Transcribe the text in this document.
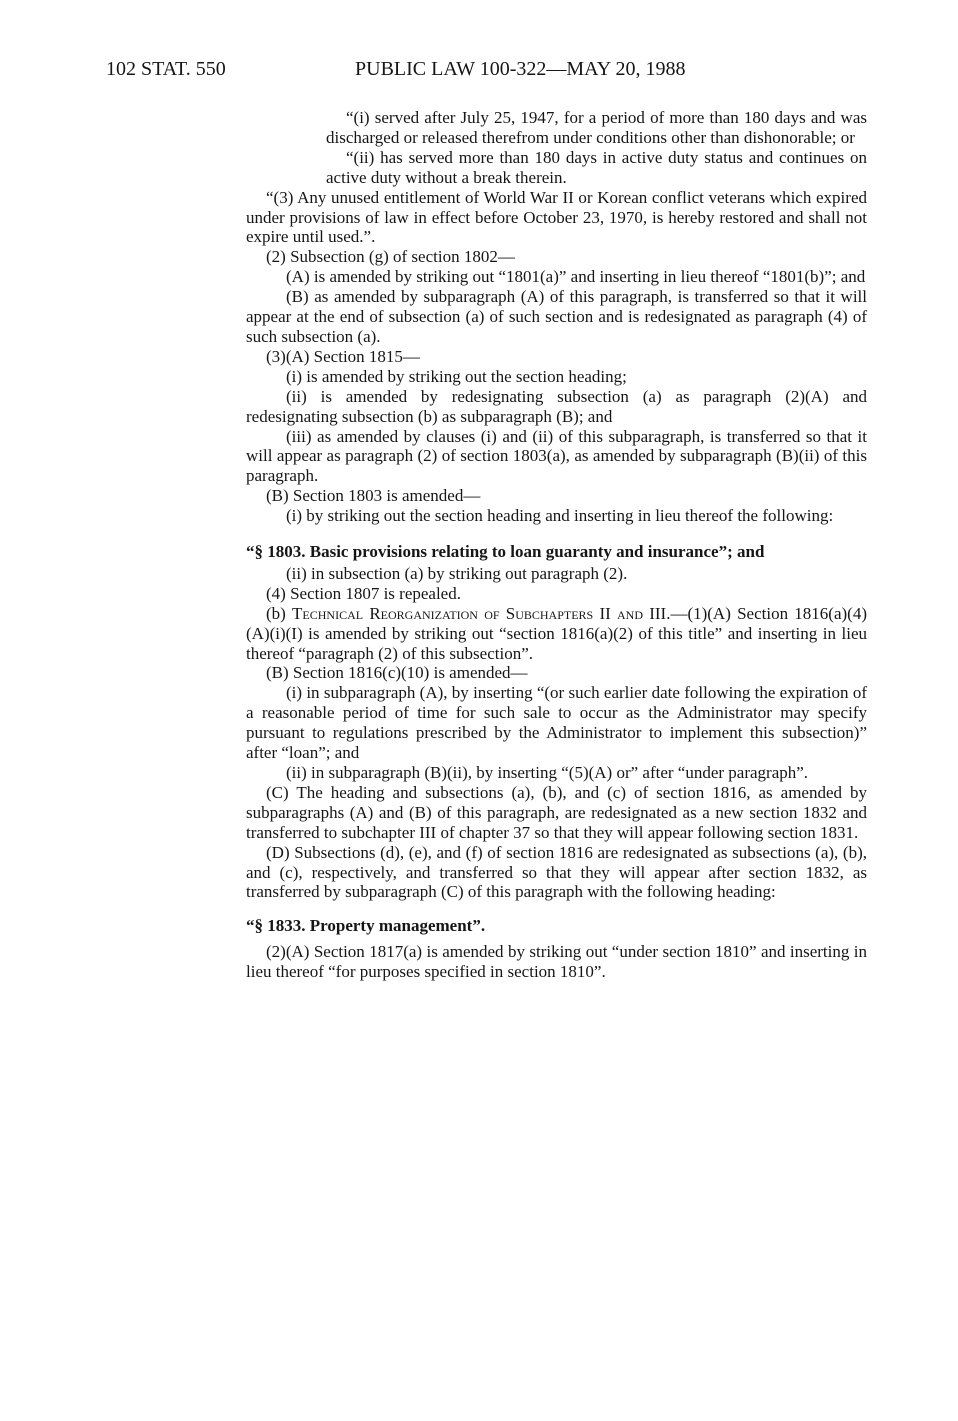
102 STAT. 550	PUBLIC LAW 100-322—MAY 20, 1988

“(i) served after July 25, 1947, for a period of more than 180 days and was discharged or released therefrom under conditions other than dishonorable; or

“(ii) has served more than 180 days in active duty status and continues on active duty without a break therein.

“(3) Any unused entitlement of World War II or Korean conflict veterans which expired under provisions of law in effect before October 23, 1970, is hereby restored and shall not expire until used.”.

(2) Subsection (g) of section 1802—

(A) is amended by striking out “1801(a)” and inserting in lieu thereof “1801(b)”; and

(B) as amended by subparagraph (A) of this paragraph, is transferred so that it will appear at the end of subsection (a) of such section and is redesignated as paragraph (4) of such subsection (a).

(3)(A) Section 1815—

(i) is amended by striking out the section heading;

(ii) is amended by redesignating subsection (a) as paragraph (2)(A) and redesignating subsection (b) as subparagraph (B); and

(iii) as amended by clauses (i) and (ii) of this subparagraph, is transferred so that it will appear as paragraph (2) of section 1803(a), as amended by subparagraph (B)(ii) of this paragraph.

(B) Section 1803 is amended—

(i) by striking out the section heading and inserting in lieu thereof the following:

“§ 1803. Basic provisions relating to loan guaranty and insurance”; and

(ii) in subsection (a) by striking out paragraph (2).

(4) Section 1807 is repealed.

(b) Technical Reorganization of Subchapters II and III.—(1)(A) Section 1816(a)(4)(A)(i)(I) is amended by striking out “section 1816(a)(2) of this title” and inserting in lieu thereof “paragraph (2) of this subsection”.

(B) Section 1816(c)(10) is amended—

(i) in subparagraph (A), by inserting “(or such earlier date following the expiration of a reasonable period of time for such sale to occur as the Administrator may specify pursuant to regulations prescribed by the Administrator to implement this subsection)” after “loan”; and

(ii) in subparagraph (B)(ii), by inserting “(5)(A) or” after “under paragraph”.

(C) The heading and subsections (a), (b), and (c) of section 1816, as amended by subparagraphs (A) and (B) of this paragraph, are redesignated as a new section 1832 and transferred to subchapter III of chapter 37 so that they will appear following section 1831.

(D) Subsections (d), (e), and (f) of section 1816 are redesignated as subsections (a), (b), and (c), respectively, and transferred so that they will appear after section 1832, as transferred by subparagraph (C) of this paragraph with the following heading:

“§ 1833. Property management”.

(2)(A) Section 1817(a) is amended by striking out “under section 1810” and inserting in lieu thereof “for purposes specified in section 1810”.
